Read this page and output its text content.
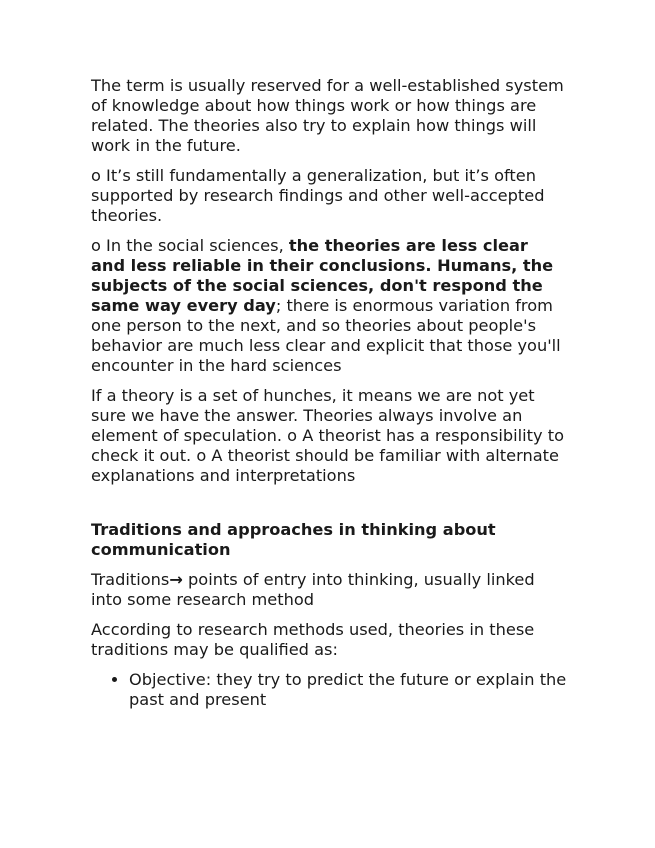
The term is usually reserved for a well-established system of knowledge about how things work or how things are related. The theories also try to explain how things will work in the future.

o It’s still fundamentally a generalization, but it’s often supported by research findings and other well-accepted theories.

o In the social sciences, the theories are less clear and less reliable in their conclusions. Humans, the subjects of the social sciences, don't respond the same way every day; there is enormous variation from one person to the next, and so theories about people's behavior are much less clear and explicit that those you'll encounter in the hard sciences

If a theory is a set of hunches, it means we are not yet sure we have the answer. Theories always involve an element of speculation. o A theorist has a responsibility to check it out. o A theorist should be familiar with alternate explanations and interpretations

Traditions and approaches in thinking about communication

Traditions→ points of entry into thinking, usually linked into some research method

According to research methods used, theories in these traditions may be qualified as:

• Objective: they try to predict the future or explain the past and present
